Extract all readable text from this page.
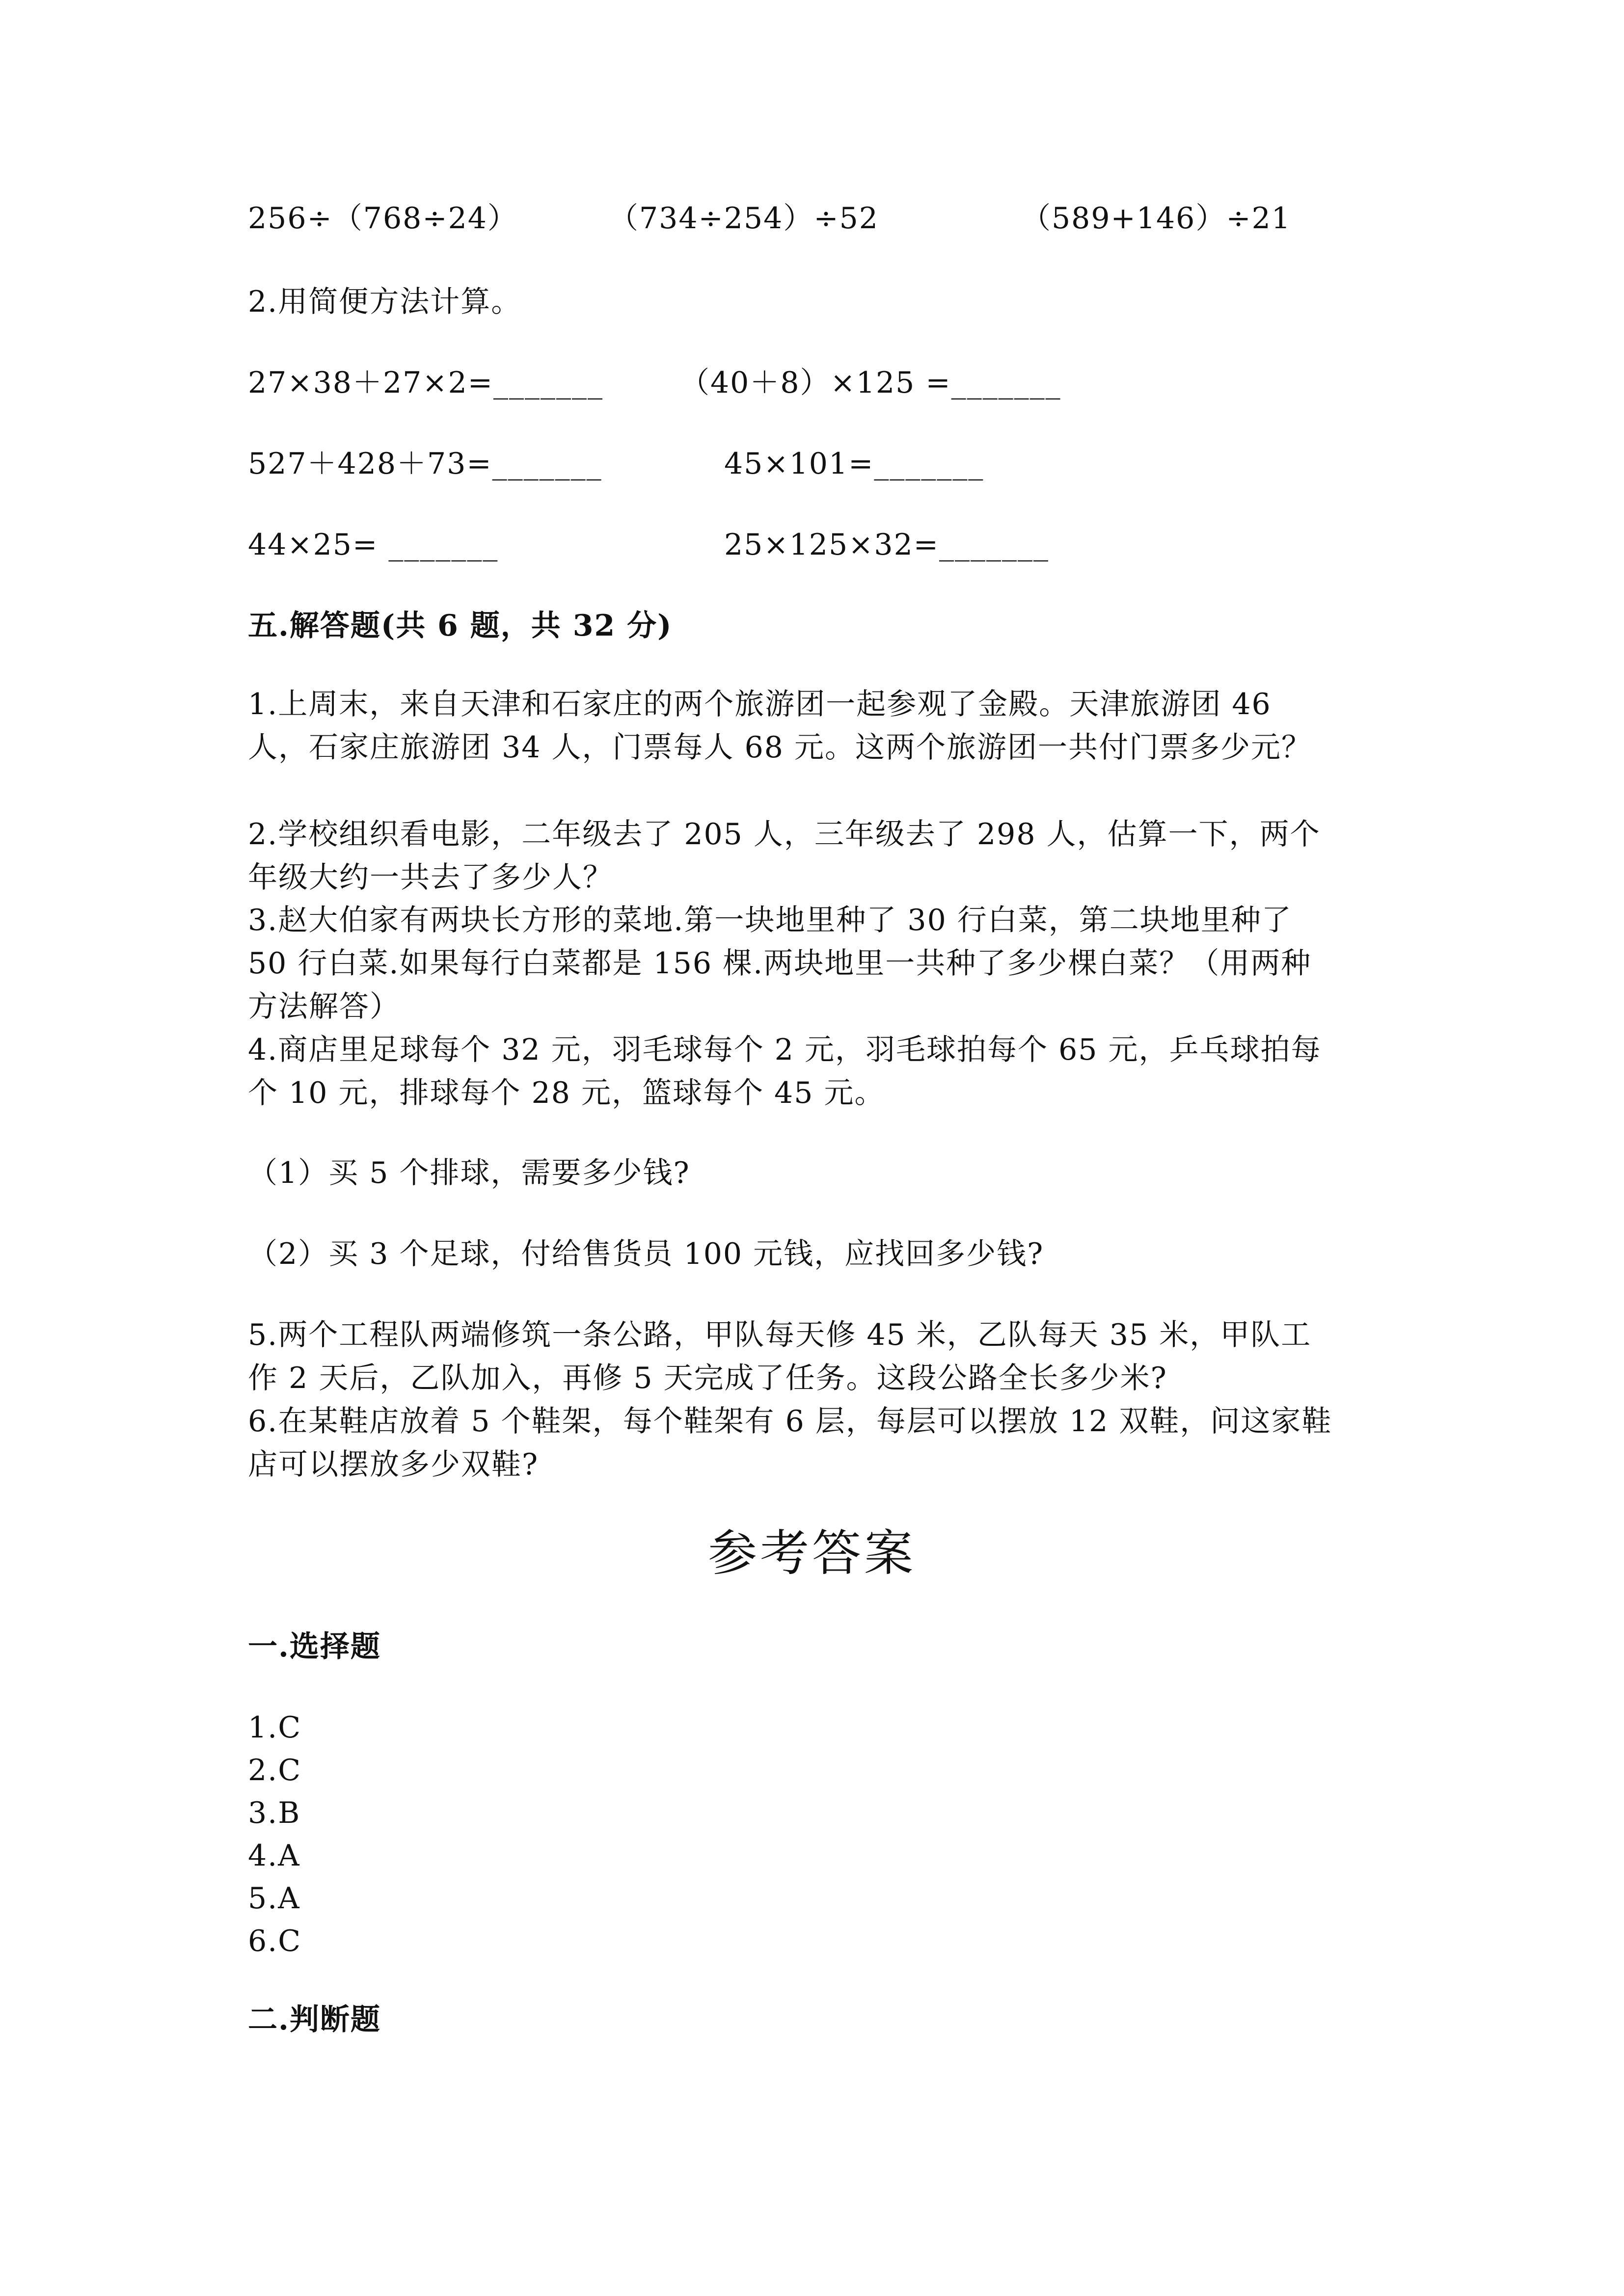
256÷（768÷24）	（734÷254）÷52	（589+146）÷21
2.用简便方法计算。
27×38＋27×2=_______	（40＋8）×125 =_______
527＋428＋73=_______	45×101=_______
44×25= _______	25×125×32=_______
五.解答题(共 6 题，共 32 分)
1.上周末，来自天津和石家庄的两个旅游团一起参观了金殿。天津旅游团 46
人，石家庄旅游团 34 人，门票每人 68 元。这两个旅游团一共付门票多少元？
2.学校组织看电影，二年级去了 205 人，三年级去了 298 人，估算一下，两个
年级大约一共去了多少人？
3.赵大伯家有两块长方形的菜地.第一块地里种了 30 行白菜，第二块地里种了
50 行白菜.如果每行白菜都是 156 棵.两块地里一共种了多少棵白菜？（用两种
方法解答）
4.商店里足球每个 32 元，羽毛球每个 2 元，羽毛球拍每个 65 元，乒乓球拍每
个 10 元，排球每个 28 元，篮球每个 45 元。
（1）买 5 个排球，需要多少钱?
（2）买 3 个足球，付给售货员 100 元钱，应找回多少钱?
5.两个工程队两端修筑一条公路，甲队每天修 45 米，乙队每天 35 米，甲队工
作 2 天后，乙队加入，再修 5 天完成了任务。这段公路全长多少米?
6.在某鞋店放着 5 个鞋架，每个鞋架有 6 层，每层可以摆放 12 双鞋，问这家鞋
店可以摆放多少双鞋?
参考答案
一.选择题
1.C
2.C
3.B
4.A
5.A
6.C
二.判断题
